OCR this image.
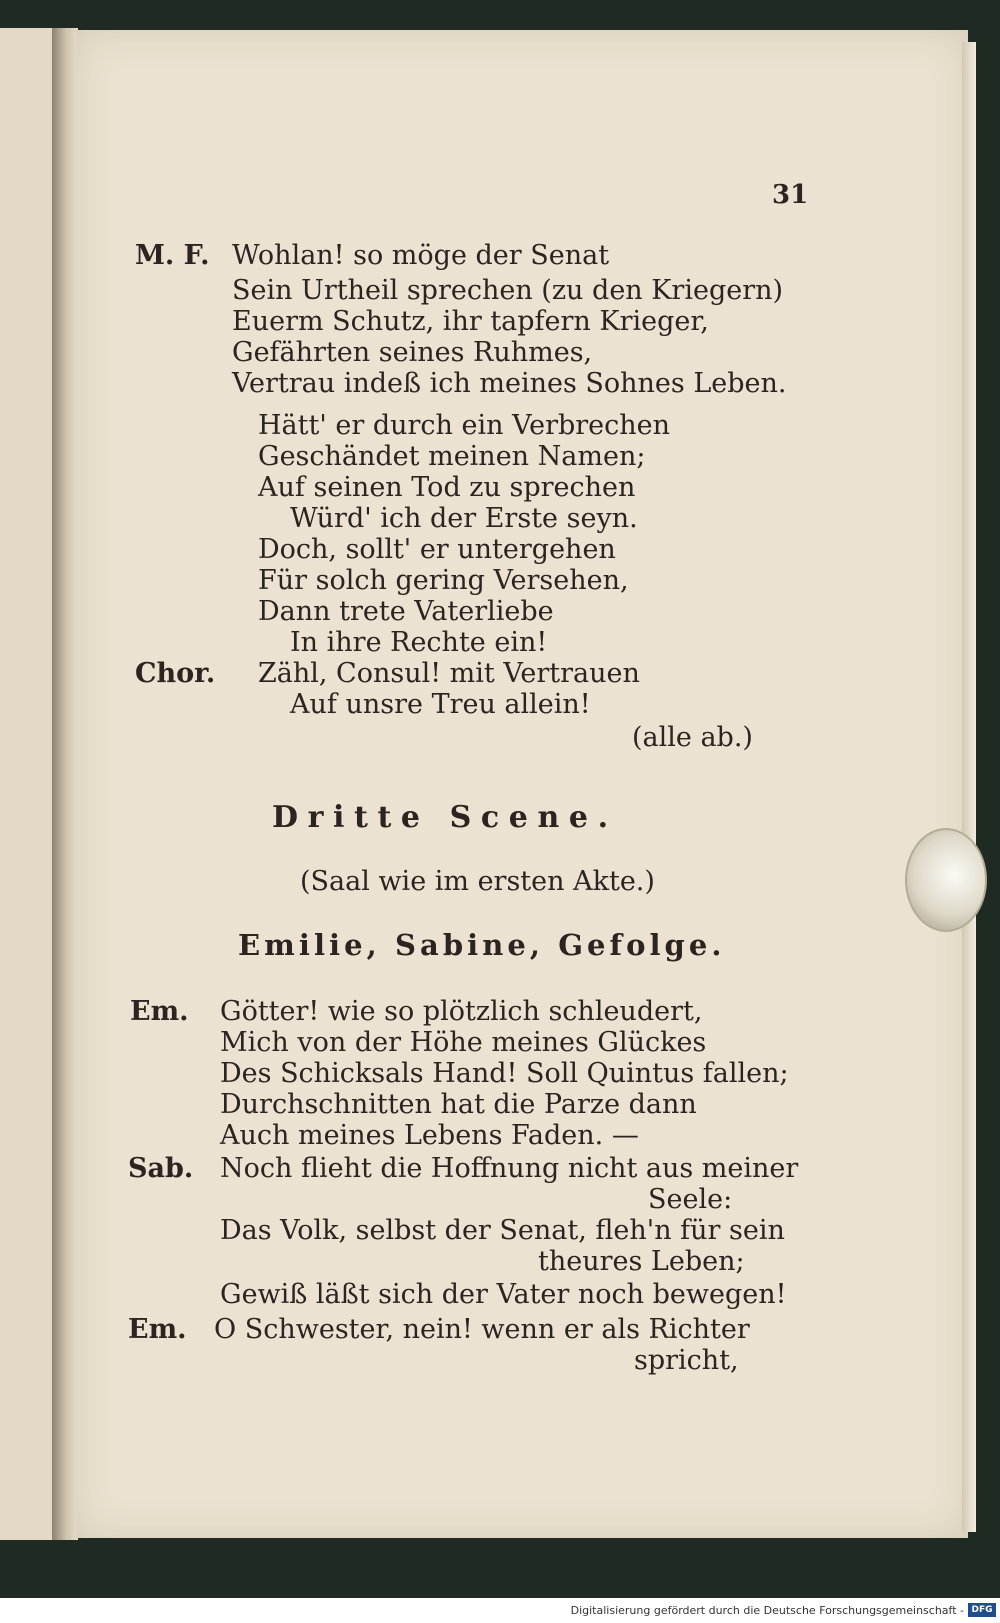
31
M. F. Wohlan! so möge der Senat
Sein Urtheil sprechen (zu den Kriegern)
Euerm Schutz, ihr tapfern Krieger,
Gefährten seines Ruhmes,
Vertrau indeß ich meines Sohnes Leben.
Hätt' er durch ein Verbrechen
Geschändet meinen Namen;
Auf seinen Tod zu sprechen
Würd' ich der Erste seyn.
Doch, sollt' er untergehen
Für solch gering Versehen,
Dann trete Vaterliebe
In ihre Rechte ein!
Chor. Zähl, Consul! mit Vertrauen
Auf unsre Treu allein!
(alle ab.)
Dritte Scene.
(Saal wie im ersten Akte.)
Emilie, Sabine, Gefolge.
Em. Götter! wie so plötzlich schleudert,
Mich von der Höhe meines Glückes
Des Schicksals Hand! Soll Quintus fallen;
Durchschnitten hat die Parze dann
Auch meines Lebens Faden. —
Sab. Noch flieht die Hoffnung nicht aus meiner
Seele:
Das Volk, selbst der Senat, fleh'n für sein
theures Leben;
Gewiß läßt sich der Vater noch bewegen!
Em. O Schwester, nein! wenn er als Richter
spricht,
Digitalisierung gefördert durch die Deutsche Forschungsgemeinschaft - DFG
